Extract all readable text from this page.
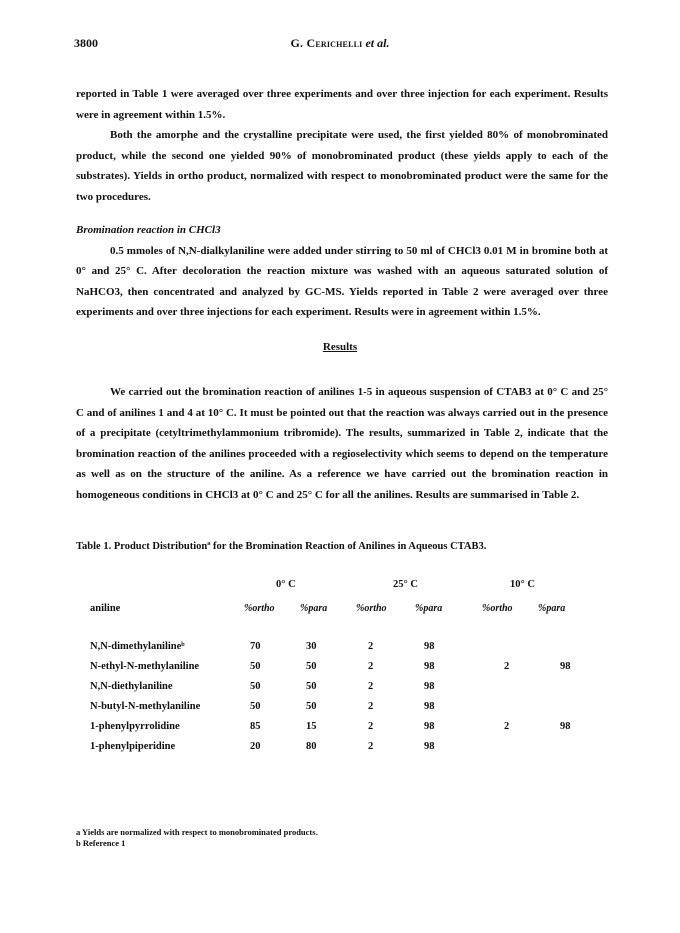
3800	G. Cerichelli et al.

reported in Table 1 were averaged over three experiments and over three injection for each experiment. Results were in agreement within 1.5%.

Both the amorphe and the crystalline precipitate were used, the first yielded 80% of monobrominated product, while the second one yielded 90% of monobrominated product (these yields apply to each of the substrates). Yields in ortho product, normalized with respect to monobrominated product were the same for the two procedures.

Bromination reaction in CHCl3

0.5 mmoles of N,N-dialkylaniline were added under stirring to 50 ml of CHCl3 0.01 M in bromine both at 0° and 25° C. After decoloration the reaction mixture was washed with an aqueous saturated solution of NaHCO3, then concentrated and analyzed by GC-MS. Yields reported in Table 2 were averaged over three experiments and over three injections for each experiment. Results were in agreement within 1.5%.

Results

We carried out the bromination reaction of anilines 1-5 in aqueous suspension of CTAB3 at 0° C and 25° C and of anilines 1 and 4 at 10° C. It must be pointed out that the reaction was always carried out in the presence of a precipitate (cetyltrimethylammonium tribromide). The results, summarized in Table 2, indicate that the bromination reaction of the anilines proceeded with a regioselectivity which seems to depend on the temperature as well as on the structure of the aniline. As a reference we have carried out the bromination reaction in homogeneous conditions in CHCl3 at 0° C and 25° C for all the anilines. Results are summarised in Table 2.

Table 1. Product Distributionª for the Bromination Reaction of Anilines in Aqueous CTAB3.
0° C	25° C	10° C
aniline	%ortho	%para	%ortho	%para	%ortho	%para
N,N-dimethylanilineᵇ	70	30	2	98
N-ethyl-N-methylaniline	50	50	2	98	2	98
N,N-diethylaniline	50	50	2	98
N-butyl-N-methylaniline	50	50	2	98
1-phenylpyrrolidine	85	15	2	98	2	98
1-phenylpiperidine	20	80	2	98
a Yields are normalized with respect to monobrominated products.
b Reference 1
